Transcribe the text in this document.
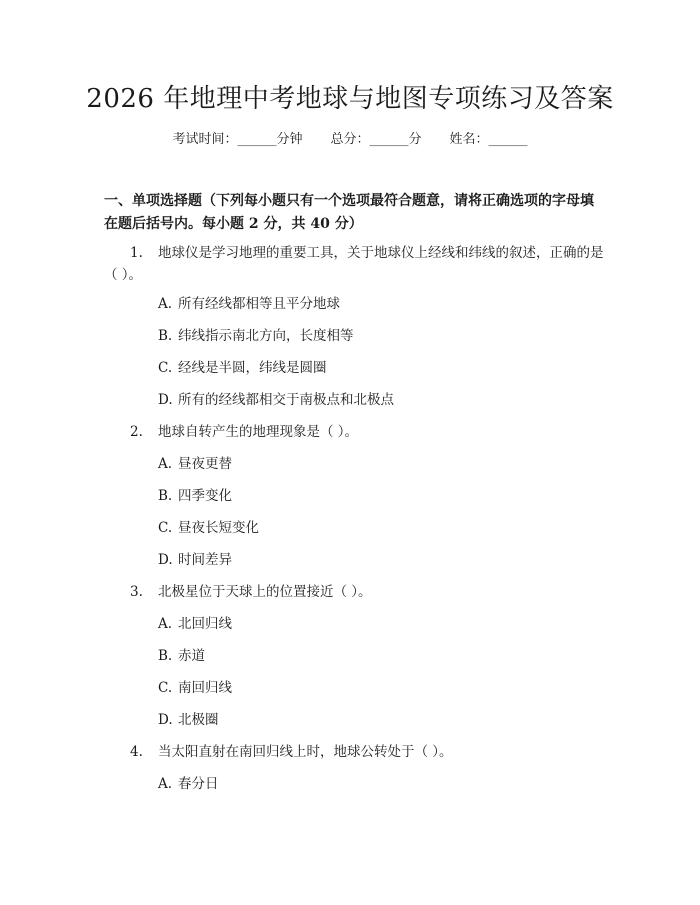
2026 年地理中考地球与地图专项练习及答案
考试时间：______分钟 总分：______分 姓名：______
一、单项选择题（下列每小题只有一个选项最符合题意，请将正确选项的字母填在题后括号内。每小题 2 分，共 40 分）
1. 地球仪是学习地理的重要工具，关于地球仪上经线和纬线的叙述，正确的是（ ）。
A. 所有经线都相等且平分地球
B. 纬线指示南北方向，长度相等
C. 经线是半圆，纬线是圆圈
D. 所有的经线都相交于南极点和北极点
2. 地球自转产生的地理现象是（ ）。
A. 昼夜更替
B. 四季变化
C. 昼夜长短变化
D. 时间差异
3. 北极星位于天球上的位置接近（ ）。
A. 北回归线
B. 赤道
C. 南回归线
D. 北极圈
4. 当太阳直射在南回归线上时，地球公转处于（ ）。
A. 春分日
